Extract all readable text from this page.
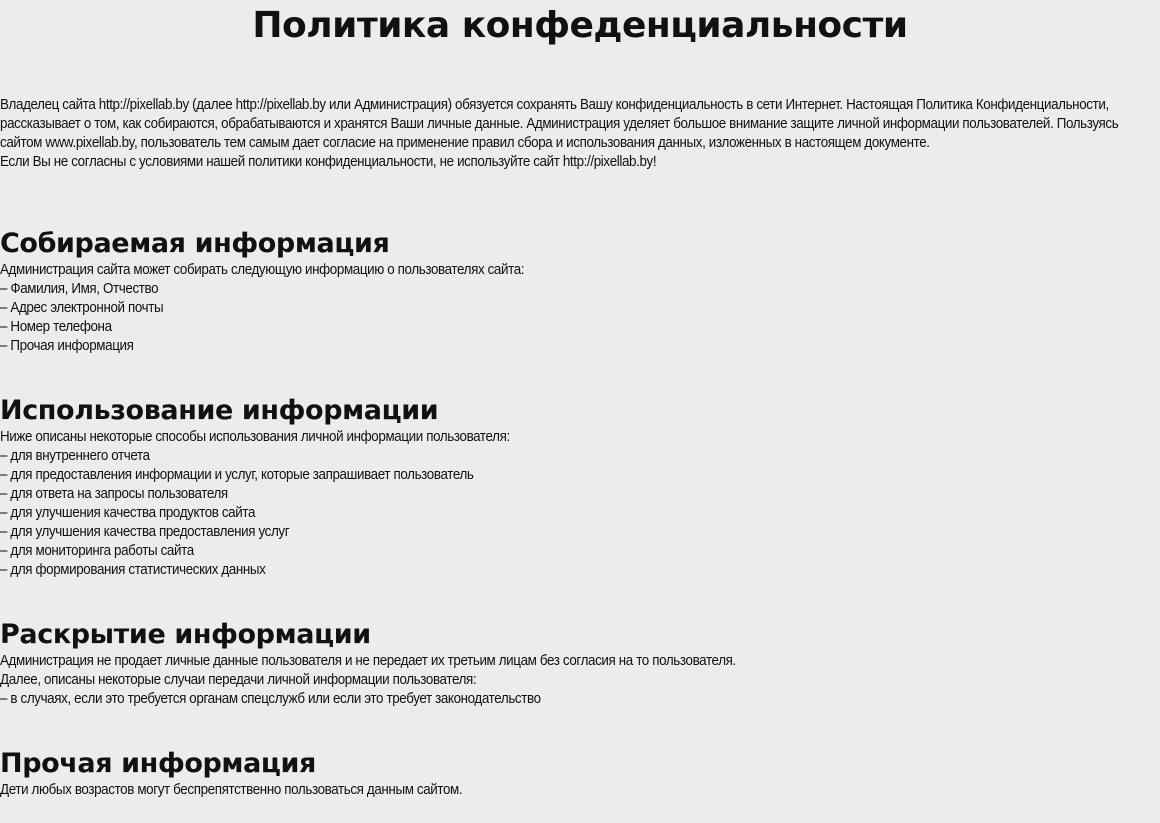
Политика конфеденциальности

Владелец сайта http://pixellab.by (далее http://pixellab.by или Администрация) обязуется сохранять Вашу конфиденциальность в сети Интернет. Настоящая Политика Конфиденциальности, рассказывает о том, как собираются, обрабатываются и хранятся Ваши личные данные. Администрация уделяет большое внимание защите личной информации пользователей. Пользуясь сайтом www.pixellab.by, пользователь тем самым дает согласие на применение правил сбора и использования данных, изложенных в настоящем документе.

Если Вы не согласны с условиями нашей политики конфиденциальности, не используйте сайт http://pixellab.by!

Собираемая информация
Администрация сайта может собирать следующую информацию о пользователях сайта:
– Фамилия, Имя, Отчество
– Адрес электронной почты
– Номер телефона
– Прочая информация
Использование информации
Ниже описаны некоторые способы использования личной информации пользователя:
– для внутреннего отчета
– для предоставления информации и услуг, которые запрашивает пользователь
– для ответа на запросы пользователя
– для улучшения качества продуктов сайта
– для улучшения качества предоставления услуг
– для мониторинга работы сайта
– для формирования статистических данных
Раскрытие информации
Администрация не продает личные данные пользователя и не передает их третьим лицам без согласия на то пользователя.
Далее, описаны некоторые случаи передачи личной информации пользователя:
– в случаях, если это требуется органам спецслужб или если это требует законодательство
Прочая информация
Дети любых возрастов могут беспрепятственно пользоваться данным сайтом.
